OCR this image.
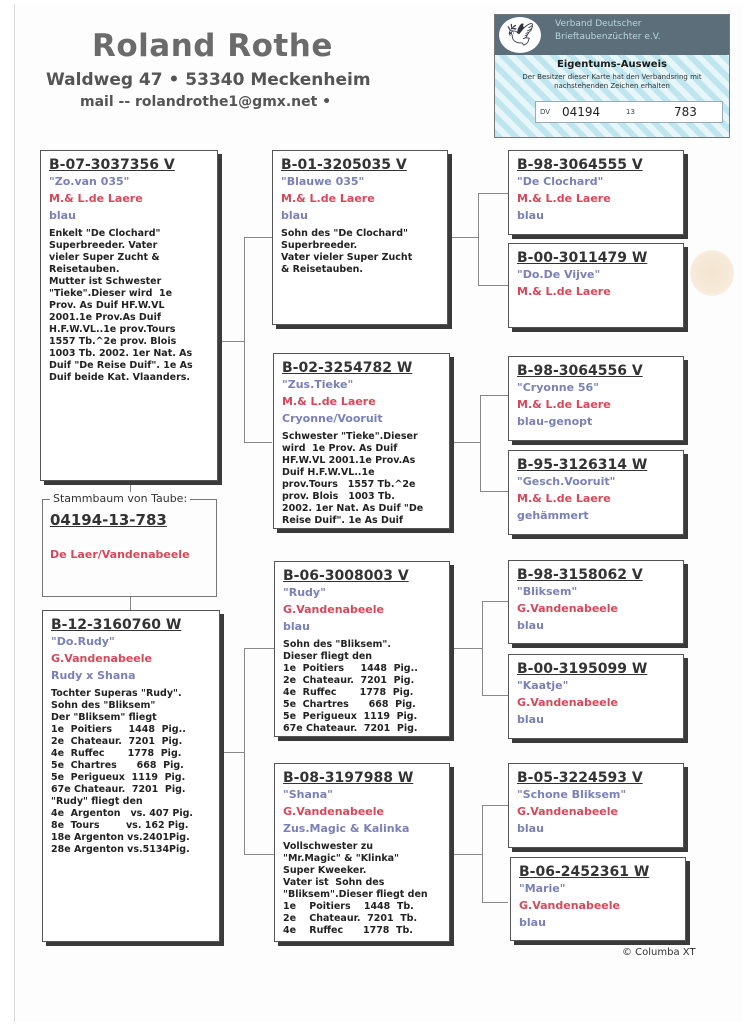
Roland Rothe
Waldweg 47 • 53340 Meckenheim
mail -- rolandrothe1@gmx.net •
🕊	Verband Deutscher
Brieftaubenzüchter e.V.
Eigentums-Ausweis
Der Besitzer dieser Karte hat den Verbandsring mit nachstehenden Zeichen erhalten
DV 04194	13	783
Stammbaum von Taube:
04194-13-783
De Laer/Vandenabeele
B-07-3037356 V
"Zo.van 035"
M.& L.de Laere
blau
Enkelt "De Clochard"
Superbreeder. Vater
vieler Super Zucht &
Reisetauben.
Mutter ist Schwester
"Tieke".Dieser wird  1e
Prov. As Duif HF.W.VL
2001.1e Prov.As Duif
H.F.W.VL..1e prov.Tours
1557 Tb.^2e prov. Blois
1003 Tb. 2002. 1er Nat. As
Duif "De Reise Duif". 1e As
Duif beide Kat. Vlaanders.
B-12-3160760 W
"Do.Rudy"
G.Vandenabeele
Rudy x Shana
Tochter Superas "Rudy".
Sohn des "Bliksem"
Der "Bliksem" fliegt
1e  Poitiers     1448  Pig..
2e  Chateaur.  7201  Pig.
4e  Ruffec       1778  Pig.
5e  Chartres      668  Pig.
5e  Perigueux  1119  Pig.
67e Chateaur.  7201  Pig.
"Rudy" fliegt den
4e  Argenton   vs. 407 Pig.
8e  Tours        vs. 162 Pig.
18e Argenton vs.2401Pig.
28e Argenton vs.5134Pig.
B-01-3205035 V
"Blauwe 035"
M.& L.de Laere
blau
Sohn des "De Clochard"
Superbreeder.
Vater vieler Super Zucht
& Reisetauben.
B-02-3254782 W
"Zus.Tieke"
M.& L.de Laere
Cryonne/Vooruit
Schwester "Tieke".Dieser
wird  1e Prov. As Duif
HF.W.VL 2001.1e Prov.As
Duif H.F.W.VL..1e
prov.Tours   1557 Tb.^2e
prov. Blois   1003 Tb.
2002. 1er Nat. As Duif "De
Reise Duif". 1e As Duif
B-06-3008003 V
"Rudy"
G.Vandenabeele
blau
Sohn des "Bliksem".
Dieser fliegt den
1e  Poitiers     1448  Pig..
2e  Chateaur.  7201  Pig.
4e  Ruffec       1778  Pig.
5e  Chartres      668  Pig.
5e  Perigueux  1119  Pig.
67e Chateaur.  7201  Pig.
B-08-3197988 W
"Shana"
G.Vandenabeele
Zus.Magic & Kalinka
Vollschwester zu
"Mr.Magic" & "Klinka"
Super Kweeker.
Vater ist  Sohn des
"Bliksem".Dieser fliegt den
1e    Poitiers    1448  Tb.
2e    Chateaur.  7201  Tb.
4e    Ruffec      1778  Tb.
B-98-3064555 V
"De Clochard"
M.& L.de Laere
blau
B-00-3011479 W
"Do.De Vijve"
M.& L.de Laere
B-98-3064556 V
"Cryonne 56"
M.& L.de Laere
blau-genopt
B-95-3126314 W
"Gesch.Vooruit"
M.& L.de Laere
gehämmert
B-98-3158062 V
"Bliksem"
G.Vandenabeele
blau
B-00-3195099 W
"Kaatje"
G.Vandenabeele
blau
B-05-3224593 V
"Schone Bliksem"
G.Vandenabeele
blau
B-06-2452361 W
"Marie"
G.Vandenabeele
blau
© Columba XT
